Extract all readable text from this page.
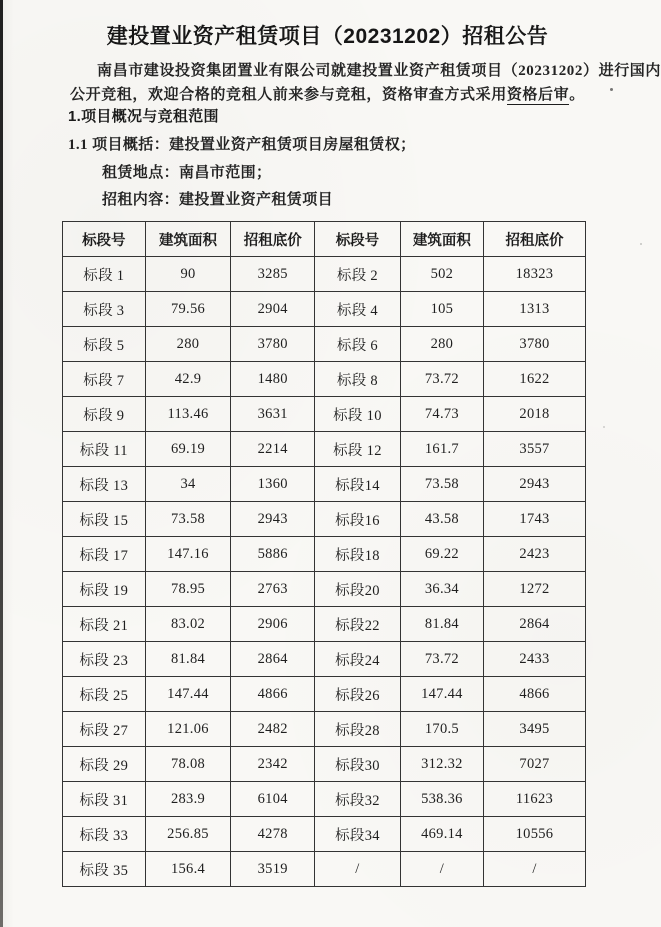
建投置业资产租赁项目（20231202）招租公告

南昌市建设投资集团置业有限公司就建投置业资产租赁项目（20231202）进行国内

公开竞租，欢迎合格的竞租人前来参与竞租，资格审查方式采用资格后审。

1.项目概况与竞租范围

1.1 项目概括：建投置业资产租赁项目房屋租赁权；

租赁地点：南昌市范围；

招租内容：建投置业资产租赁项目

标段号	建筑面积	招租底价	标段号	建筑面积	招租底价
标段 1	90	3285	标段 2	502	18323
标段 3	79.56	2904	标段 4	105	1313
标段 5	280	3780	标段 6	280	3780
标段 7	42.9	1480	标段 8	73.72	1622
标段 9	113.46	3631	标段 10	74.73	2018
标段 11	69.19	2214	标段 12	161.7	3557
标段 13	34	1360	标段14	73.58	2943
标段 15	73.58	2943	标段16	43.58	1743
标段 17	147.16	5886	标段18	69.22	2423
标段 19	78.95	2763	标段20	36.34	1272
标段 21	83.02	2906	标段22	81.84	2864
标段 23	81.84	2864	标段24	73.72	2433
标段 25	147.44	4866	标段26	147.44	4866
标段 27	121.06	2482	标段28	170.5	3495
标段 29	78.08	2342	标段30	312.32	7027
标段 31	283.9	6104	标段32	538.36	11623
标段 33	256.85	4278	标段34	469.14	10556
标段 35	156.4	3519	/	/	/
